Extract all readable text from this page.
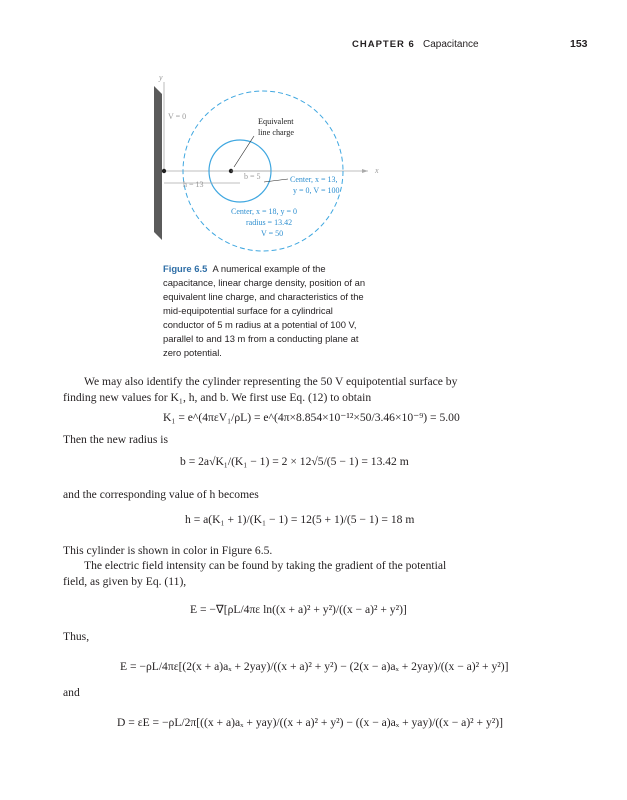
CHAPTER 6 Capacitance	153
y
x
h = 13
b = 5
V = 0
Equivalent
line charge
Center, x = 13,
y = 0, V = 100
Center, x = 18, y = 0
radius = 13.42
V = 50
Figure 6.5 A numerical example of the
capacitance, linear charge density, position of an
equivalent line charge, and characteristics of the
mid-equipotential surface for a cylindrical
conductor of 5 m radius at a potential of 100 V,
parallel to and 13 m from a conducting plane at
zero potential.
We may also identify the cylinder representing the 50 V equipotential surface by
finding new values for K₁, h, and b. We first use Eq. (12) to obtain
K₁ = e^(4πεV₁/ρL) = e^(4π×8.854×10⁻¹²×50/3.46×10⁻⁹) = 5.00
Then the new radius is
b = 2a√K₁/(K₁ − 1) = 2 × 12√5/(5 − 1) = 13.42 m
and the corresponding value of h becomes
h = a(K₁ + 1)/(K₁ − 1) = 12(5 + 1)/(5 − 1) = 18 m
This cylinder is shown in color in Figure 6.5.
The electric field intensity can be found by taking the gradient of the potential
field, as given by Eq. (11),
E = −∇[ρL/4πε ln((x + a)² + y²)/((x − a)² + y²)]
Thus,
E = −ρL/4πε[(2(x + a)aₓ + 2yay)/((x + a)² + y²) − (2(x − a)aₓ + 2yay)/((x − a)² + y²)]
and
D = εE = −ρL/2π[((x + a)aₓ + yay)/((x + a)² + y²) − ((x − a)aₓ + yay)/((x − a)² + y²)]
